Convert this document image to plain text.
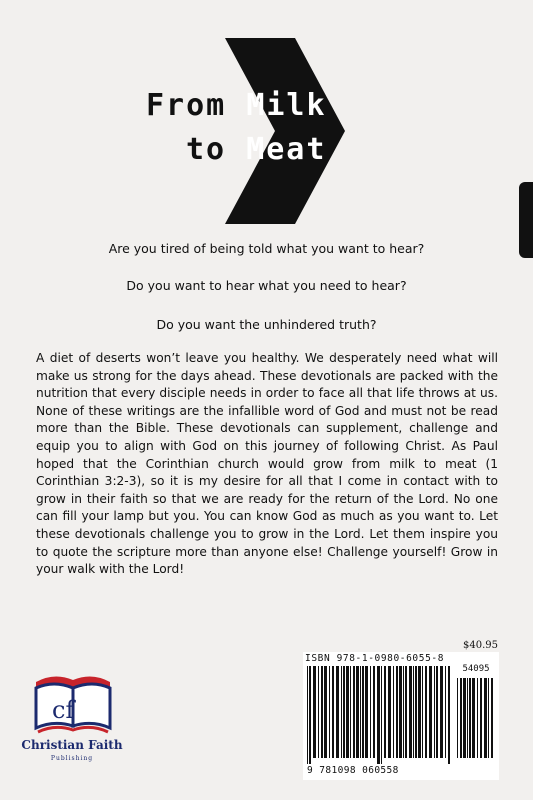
From Milk
to Meat
Are you tired of being told what you want to hear?
Do you want to hear what you need to hear?
Do you want the unhindered truth?
A diet of deserts won’t leave you healthy. We desperately need what will make us strong for the days ahead. These devotionals are packed with the nutrition that every disciple needs in order to face all that life throws at us. None of these writings are the infallible word of God and must not be read more than the Bible. These devotionals can supplement, challenge and equip you to align with God on this journey of following Christ. As Paul hoped that the Corinthian church would grow from milk to meat (1 Corinthian 3:2-3), so it is my desire for all that I come in contact with to grow in their faith so that we are ready for the return of the Lord. No one can fill your lamp but you. You can know God as much as you want to. Let these devotionals challenge you to grow in the Lord. Let them inspire you to quote the scripture more than anyone else! Challenge yourself! Grow in your walk with the Lord!
cf
Christian Faith
Publishing
$40.95
ISBN 978-1-0980-6055-8
54095
9 781098 060558
